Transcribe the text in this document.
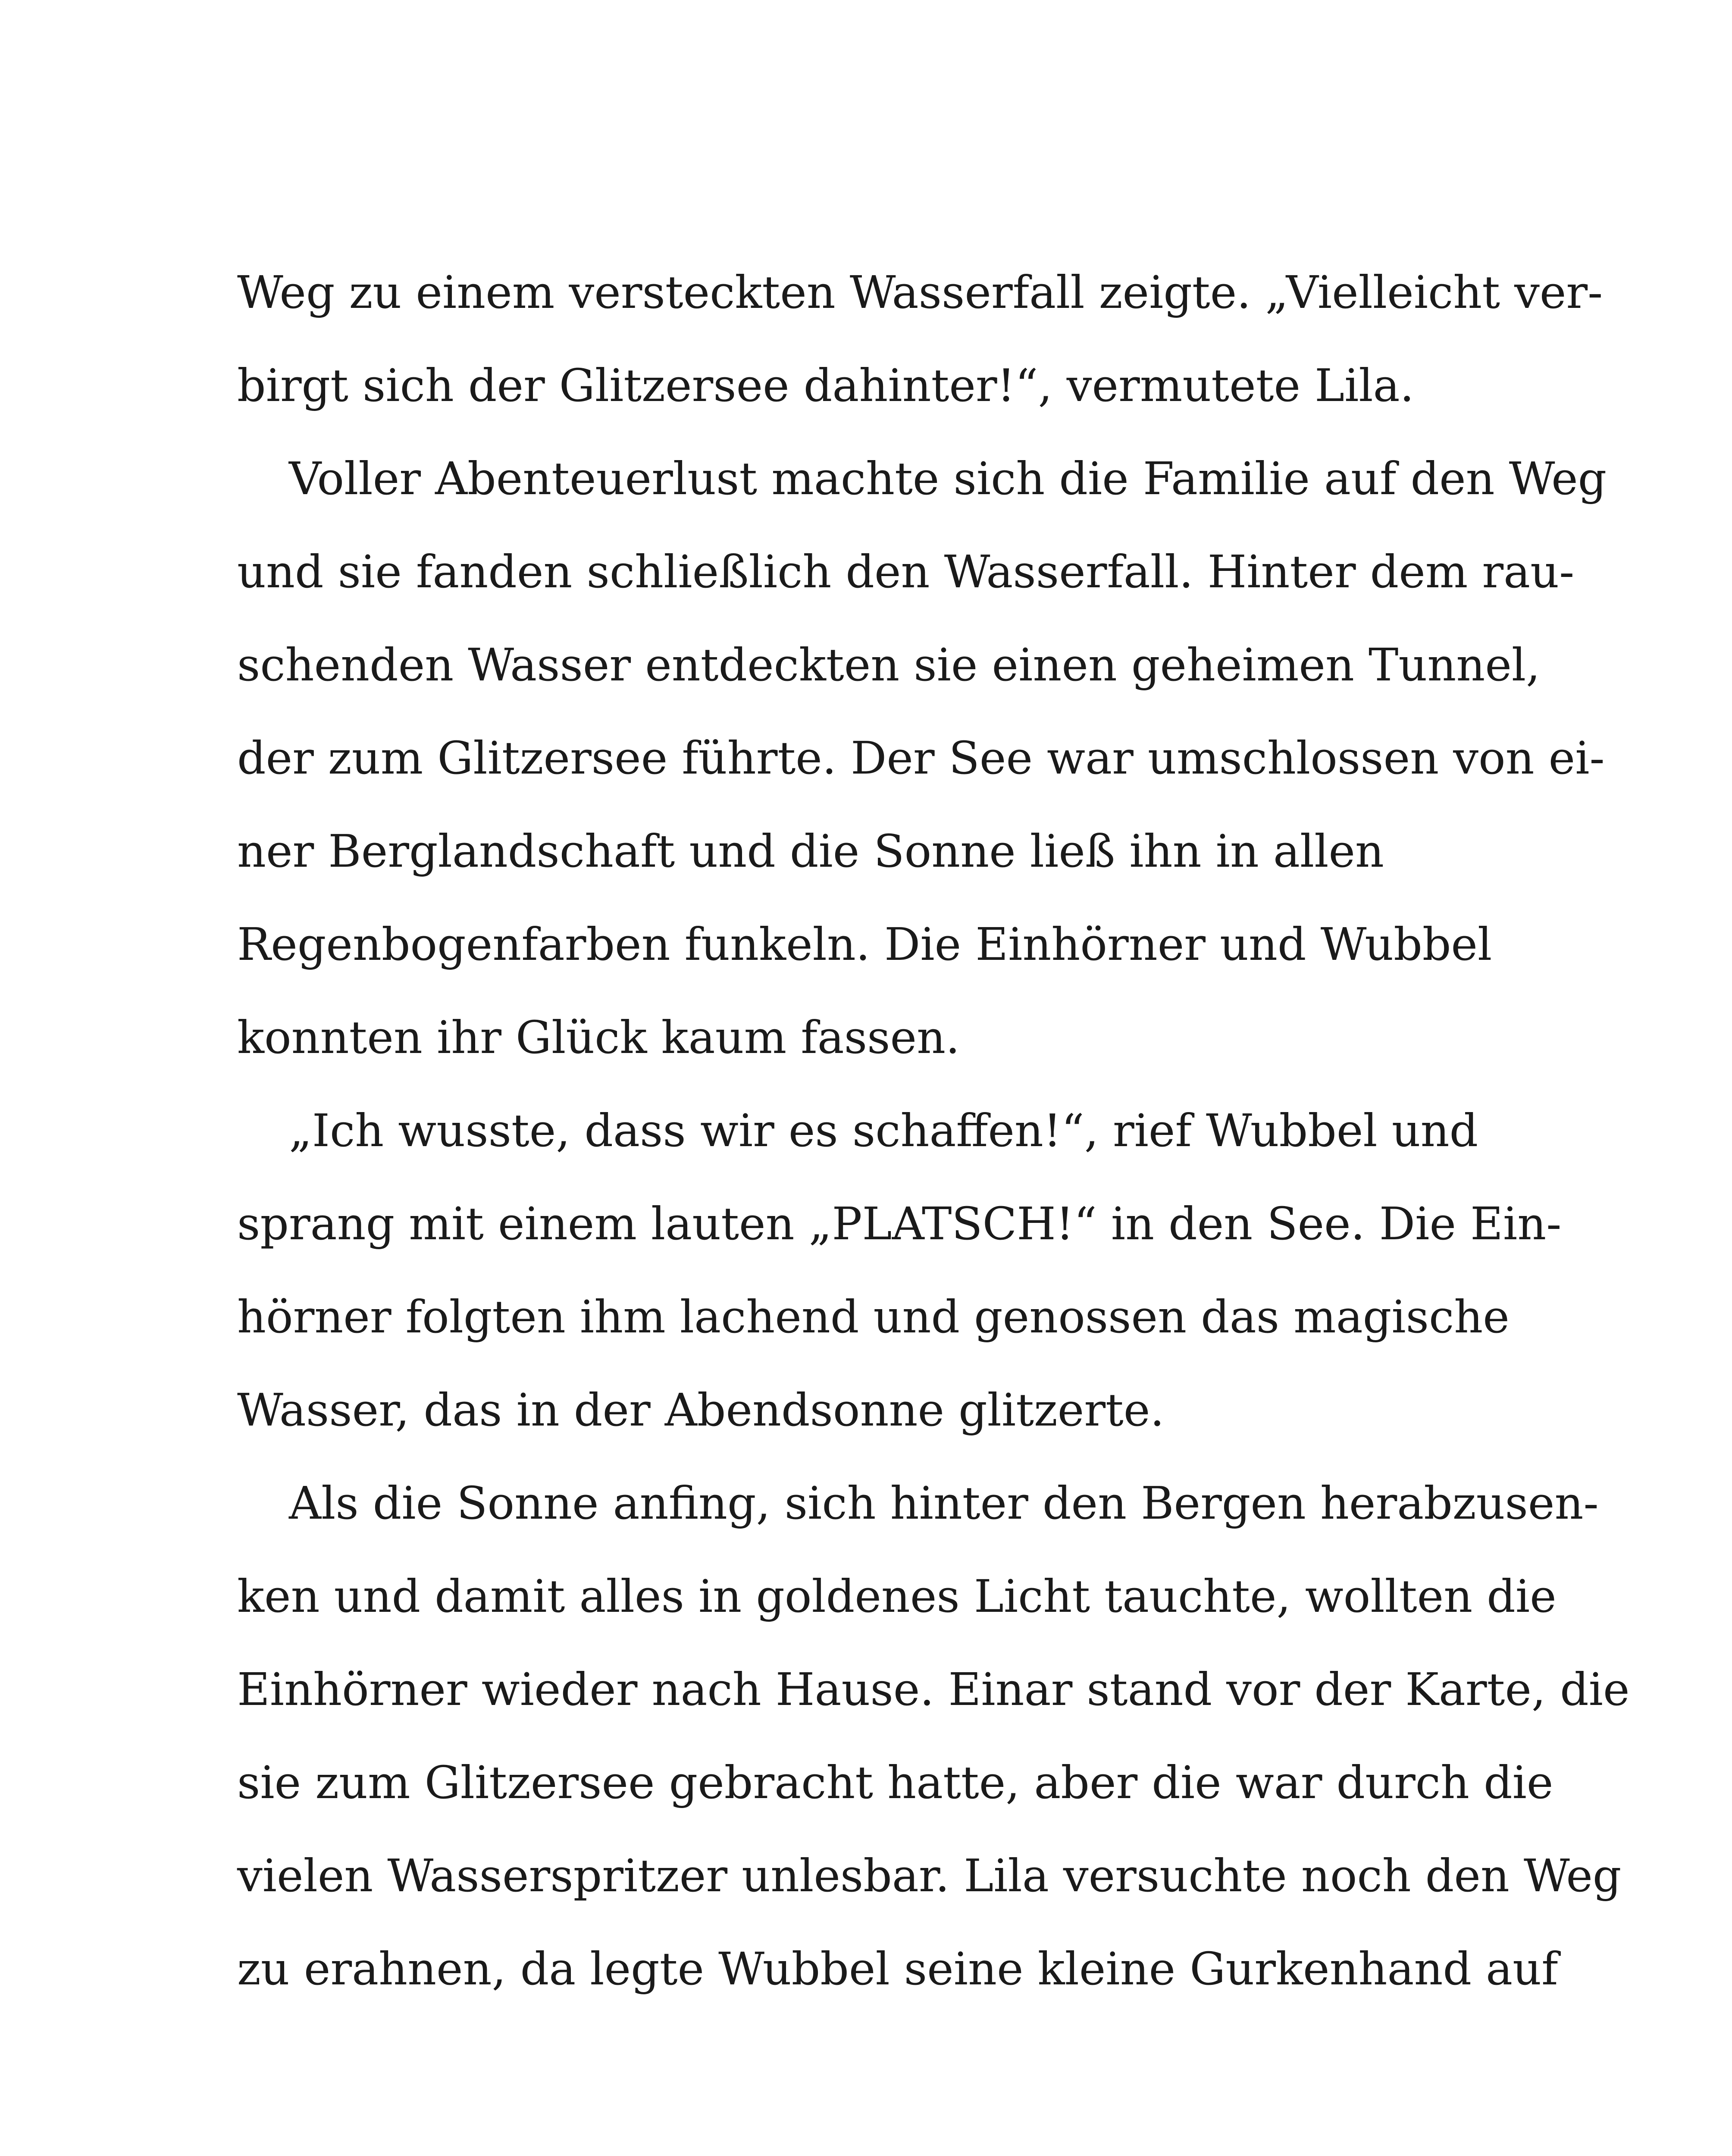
Weg zu einem versteckten Wasserfall zeigte. „Vielleicht ver-
birgt sich der Glitzersee dahinter!“, vermutete Lila.
Voller Abenteuerlust machte sich die Familie auf den Weg
und sie fanden schließlich den Wasserfall. Hinter dem rau-
schenden Wasser entdeckten sie einen geheimen Tunnel,
der zum Glitzersee führte. Der See war umschlossen von ei-
ner Berglandschaft und die Sonne ließ ihn in allen
Regenbogenfarben funkeln. Die Einhörner und Wubbel
konnten ihr Glück kaum fassen.
„Ich wusste, dass wir es schaffen!“, rief Wubbel und
sprang mit einem lauten „PLATSCH!“ in den See. Die Ein-
hörner folgten ihm lachend und genossen das magische
Wasser, das in der Abendsonne glitzerte.
Als die Sonne anfing, sich hinter den Bergen herabzusen-
ken und damit alles in goldenes Licht tauchte, wollten die
Einhörner wieder nach Hause. Einar stand vor der Karte, die
sie zum Glitzersee gebracht hatte, aber die war durch die
vielen Wasserspritzer unlesbar. Lila versuchte noch den Weg
zu erahnen, da legte Wubbel seine kleine Gurkenhand auf
